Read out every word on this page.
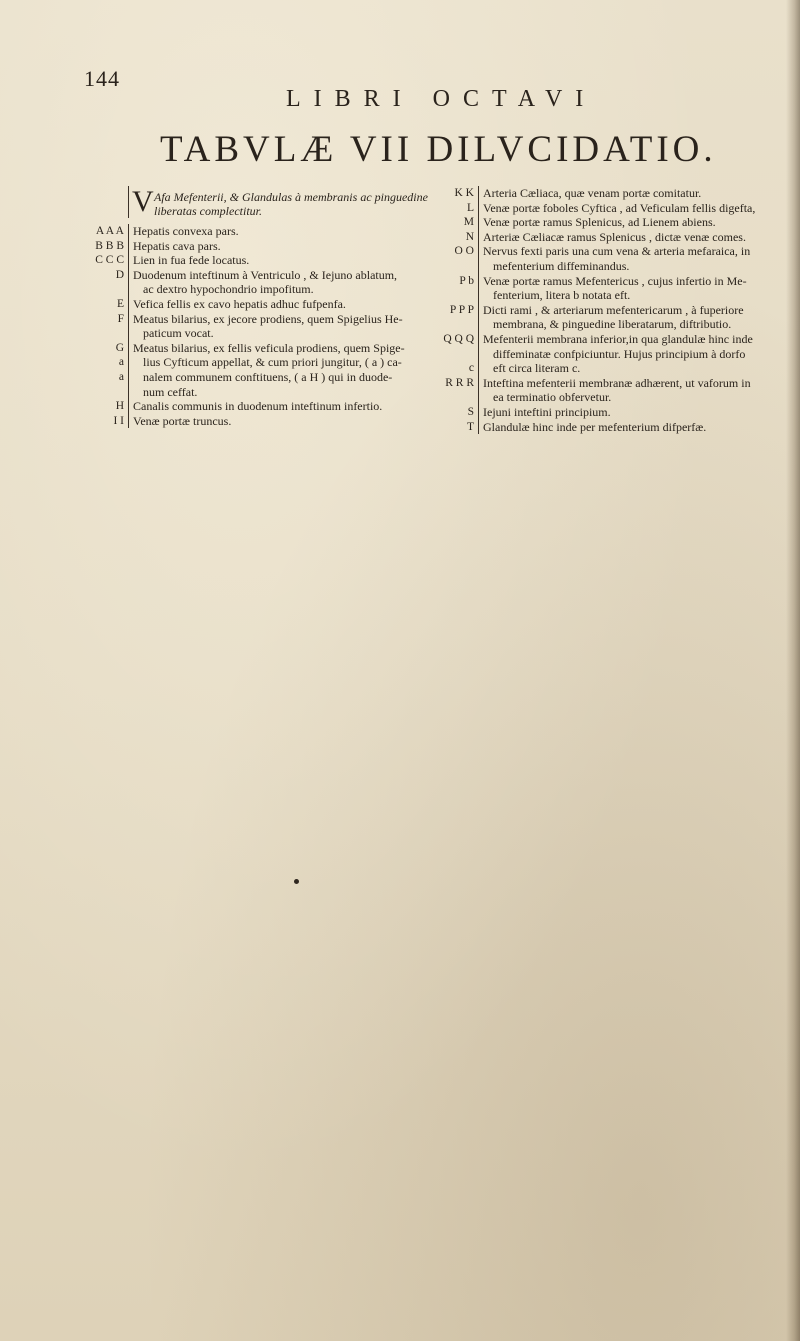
144
LIBRI OCTAVI
TABVLÆ VII DILVCIDATIO.
V Afa Mefenterii, & Glandulas à membranis ac pinguedine liberatas complectitur.
A A A Hepatis convexa pars.
B B B Hepatis cava pars.
C C C Lien in fua fede locatus.
D Duodenum inteftinum à Ventriculo , & Iejuno ablatum,
ac dextro hypochondrio impofitum.
E Vefica fellis ex cavo hepatis adhuc fufpenfa.
F Meatus bilarius, ex jecore prodiens, quem Spigelius He-
paticum vocat.
G Meatus bilarius, ex fellis veficula prodiens, quem Spige-
a	lius Cyfticum appellat, & cum priori jungitur, ( a ) ca-
a	nalem communem conftituens, ( a H ) qui in duode-
num ceffat.
H Canalis communis in duodenum inteftinum infertio.
I I Venæ portæ truncus.
K K Arteria Cæliaca, quæ venam portæ comitatur.
L Venæ portæ foboles Cyftica , ad Veficulam fellis digefta,
M Venæ portæ ramus Splenicus, ad Lienem abiens.
N Arteriæ Cæliacæ ramus Splenicus , dictæ venæ comes.
O O Nervus fexti paris una cum vena & arteria mefaraica, in
mefenterium diffeminandus.
P b Venæ portæ ramus Mefentericus , cujus infertio in Me-
fenterium, litera b notata eft.
P P P Dicti rami , & arteriarum mefentericarum , à fuperiore
membrana, & pinguedine liberatarum, diftributio.
Q Q Q Mefenterii membrana inferior,in qua glandulæ hinc inde
diffeminatæ confpiciuntur. Hujus principium à dorfo
c	eft circa literam c.
R R R Inteftina mefenterii membranæ adhærent, ut vaforum in
ea terminatio obfervetur.
S Iejuni inteftini principium.
T Glandulæ hinc inde per mefenterium difperfæ.
